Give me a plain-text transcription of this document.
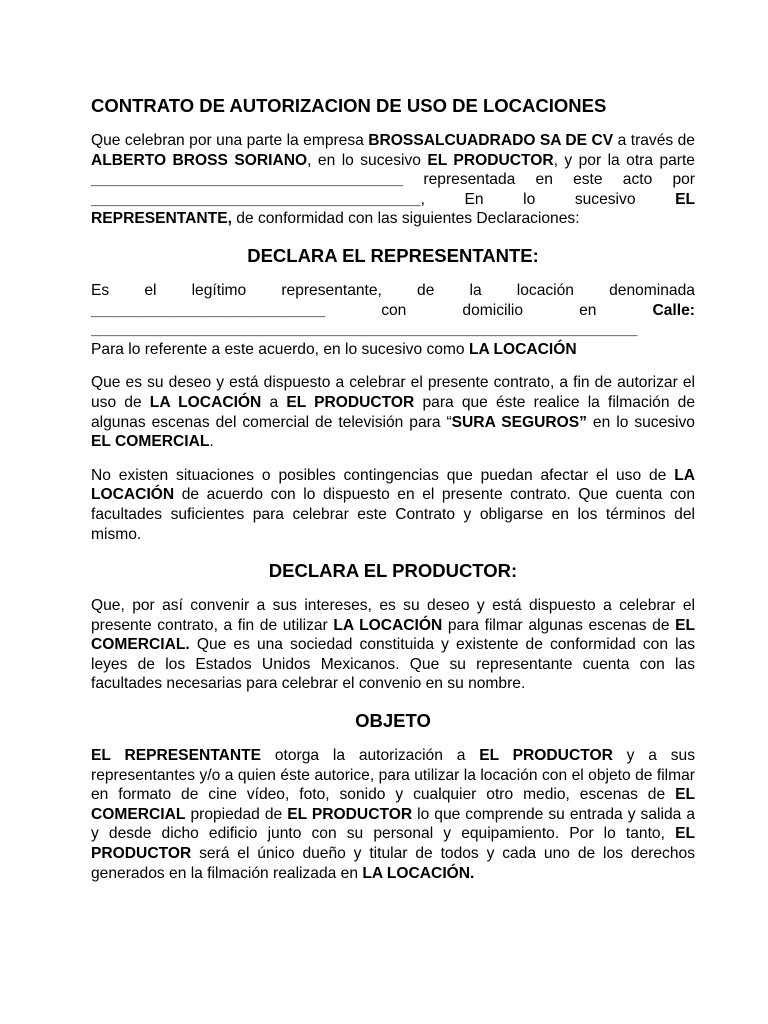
CONTRATO DE AUTORIZACION DE USO DE LOCACIONES

Que celebran por una parte la empresa BROSSALCUADRADO SA DE CV a través de ALBERTO BROSS SORIANO, en lo sucesivo EL PRODUCTOR, y por la otra parte ____________________________________ representada en este acto por ______________________________________, En lo sucesivo EL REPRESENTANTE, de conformidad con las siguientes Declaraciones:

DECLARA EL REPRESENTANTE:
Es el legítimo representante, de la locación denominada
___________________________	con	domicilio	en	Calle:
_______________________________________________________________

Para lo referente a este acuerdo, en lo sucesivo como LA LOCACIÓN

Que es su deseo y está dispuesto a celebrar el presente contrato, a fin de autorizar el uso de LA LOCACIÓN a EL PRODUCTOR para que éste realice la filmación de algunas escenas del comercial de televisión para “SURA SEGUROS” en lo sucesivo EL COMERCIAL.

No existen situaciones o posibles contingencias que puedan afectar el uso de LA LOCACIÓN de acuerdo con lo dispuesto en el presente contrato. Que cuenta con facultades suficientes para celebrar este Contrato y obligarse en los términos del mismo.

DECLARA EL PRODUCTOR:

Que, por así convenir a sus intereses, es su deseo y está dispuesto a celebrar el presente contrato, a fin de utilizar LA LOCACIÓN para filmar algunas escenas de EL COMERCIAL. Que es una sociedad constituida y existente de conformidad con las leyes de los Estados Unidos Mexicanos. Que su representante cuenta con las facultades necesarias para celebrar el convenio en su nombre.

OBJETO

EL REPRESENTANTE otorga la autorización a EL PRODUCTOR y a sus representantes y/o a quien éste autorice, para utilizar la locación con el objeto de filmar en formato de cine vídeo, foto, sonido y cualquier otro medio, escenas de EL COMERCIAL propiedad de EL PRODUCTOR lo que comprende su entrada y salida a y desde dicho edificio junto con su personal y equipamiento. Por lo tanto, EL PRODUCTOR será el único dueño y titular de todos y cada uno de los derechos generados en la filmación realizada en LA LOCACIÓN.
